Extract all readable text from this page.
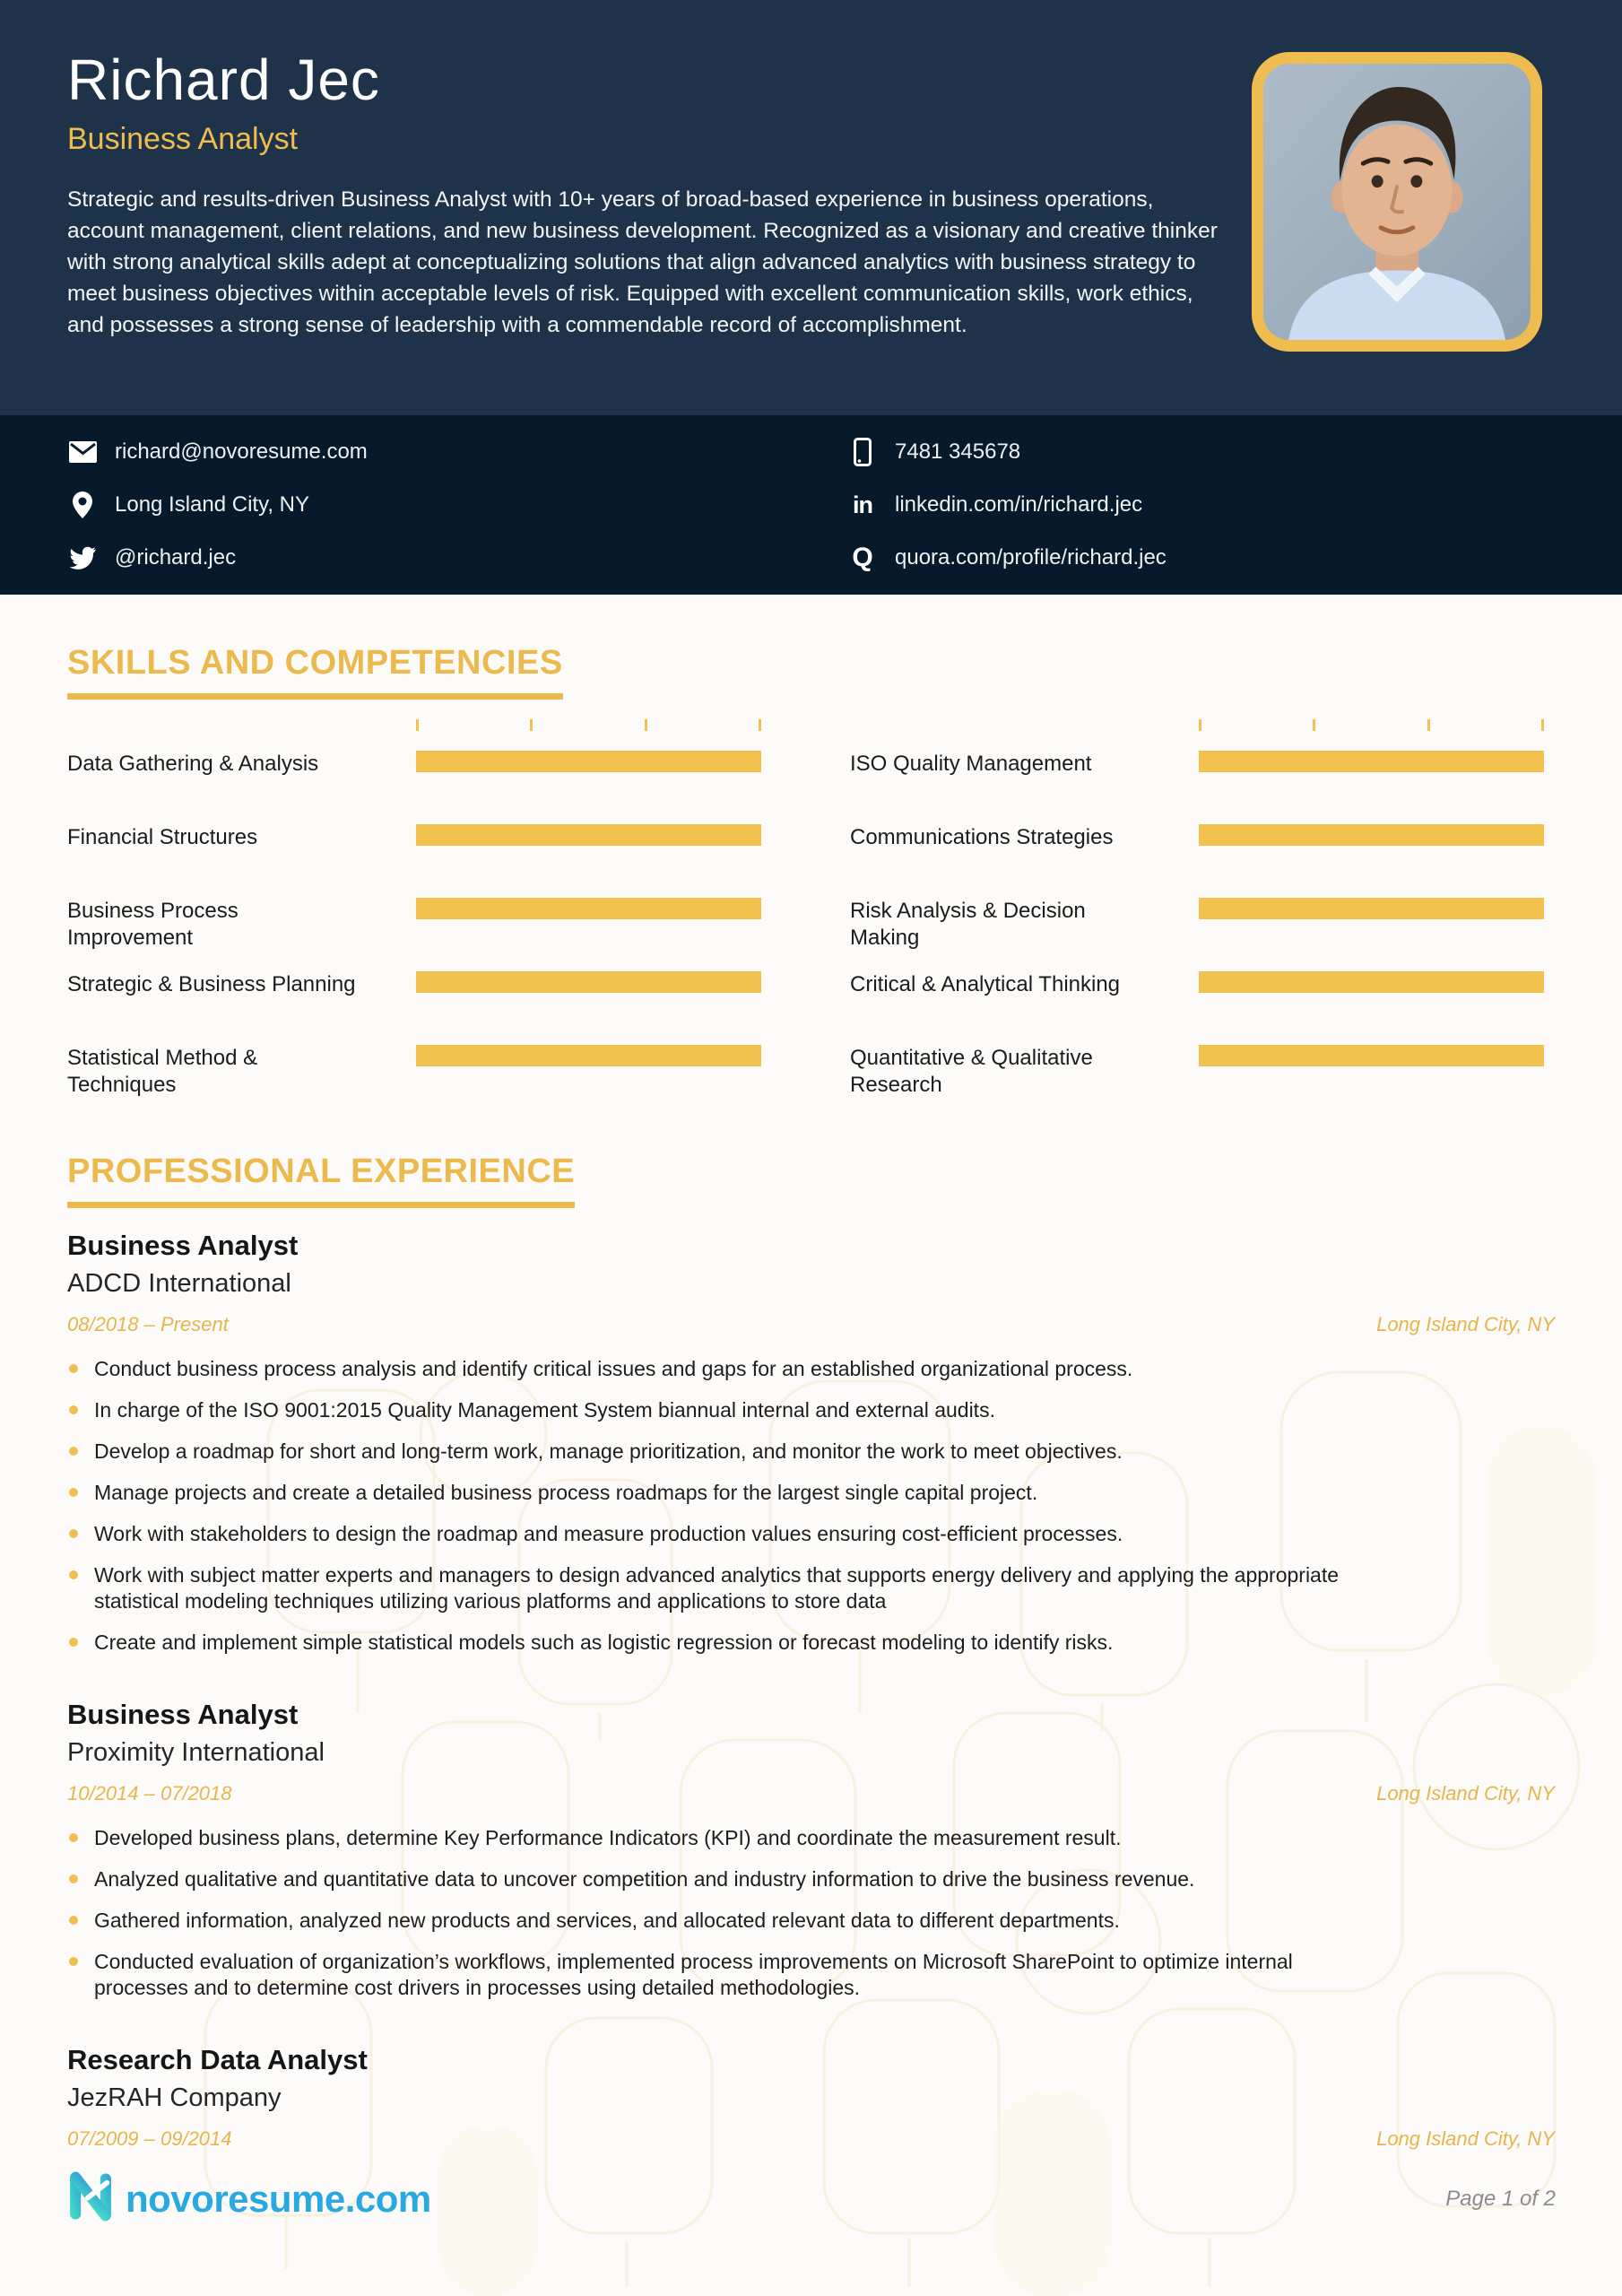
Richard Jec
Business Analyst

Strategic and results-driven Business Analyst with 10+ years of broad-based experience in business operations, account management, client relations, and new business development. Recognized as a visionary and creative thinker with strong analytical skills adept at conceptualizing solutions that align advanced analytics with business strategy to meet business objectives within acceptable levels of risk. Equipped with excellent communication skills, work ethics, and possesses a strong sense of leadership with a commendable record of accomplishment.

richard@novoresume.com
Long Island City, NY
@richard.jec
7481 345678
in linkedin.com/in/richard.jec
Q quora.com/profile/richard.jec
SKILLS AND COMPETENCIES
Data Gathering & Analysis
Financial Structures
Business Process Improvement
Strategic & Business Planning
Statistical Method & Techniques
ISO Quality Management
Communications Strategies
Risk Analysis & Decision Making
Critical & Analytical Thinking
Quantitative & Qualitative Research
PROFESSIONAL EXPERIENCE
Business Analyst
ADCD International
08/2018 – Present	Long Island City, NY
Conduct business process analysis and identify critical issues and gaps for an established organizational process.
In charge of the ISO 9001:2015 Quality Management System biannual internal and external audits.
Develop a roadmap for short and long-term work, manage prioritization, and monitor the work to meet objectives.
Manage projects and create a detailed business process roadmaps for the largest single capital project.
Work with stakeholders to design the roadmap and measure production values ensuring cost-efficient processes.
Work with subject matter experts and managers to design advanced analytics that supports energy delivery and applying the appropriate statistical modeling techniques utilizing various platforms and applications to store data
Create and implement simple statistical models such as logistic regression or forecast modeling to identify risks.
Business Analyst
Proximity International
10/2014 – 07/2018	Long Island City, NY
Developed business plans, determine Key Performance Indicators (KPI) and coordinate the measurement result.
Analyzed qualitative and quantitative data to uncover competition and industry information to drive the business revenue.
Gathered information, analyzed new products and services, and allocated relevant data to different departments.
Conducted evaluation of organization’s workflows, implemented process improvements on Microsoft SharePoint to optimize internal processes and to determine cost drivers in processes using detailed methodologies.
Research Data Analyst
JezRAH Company
07/2009 – 09/2014	Long Island City, NY
novoresume.com	Page 1 of 2
